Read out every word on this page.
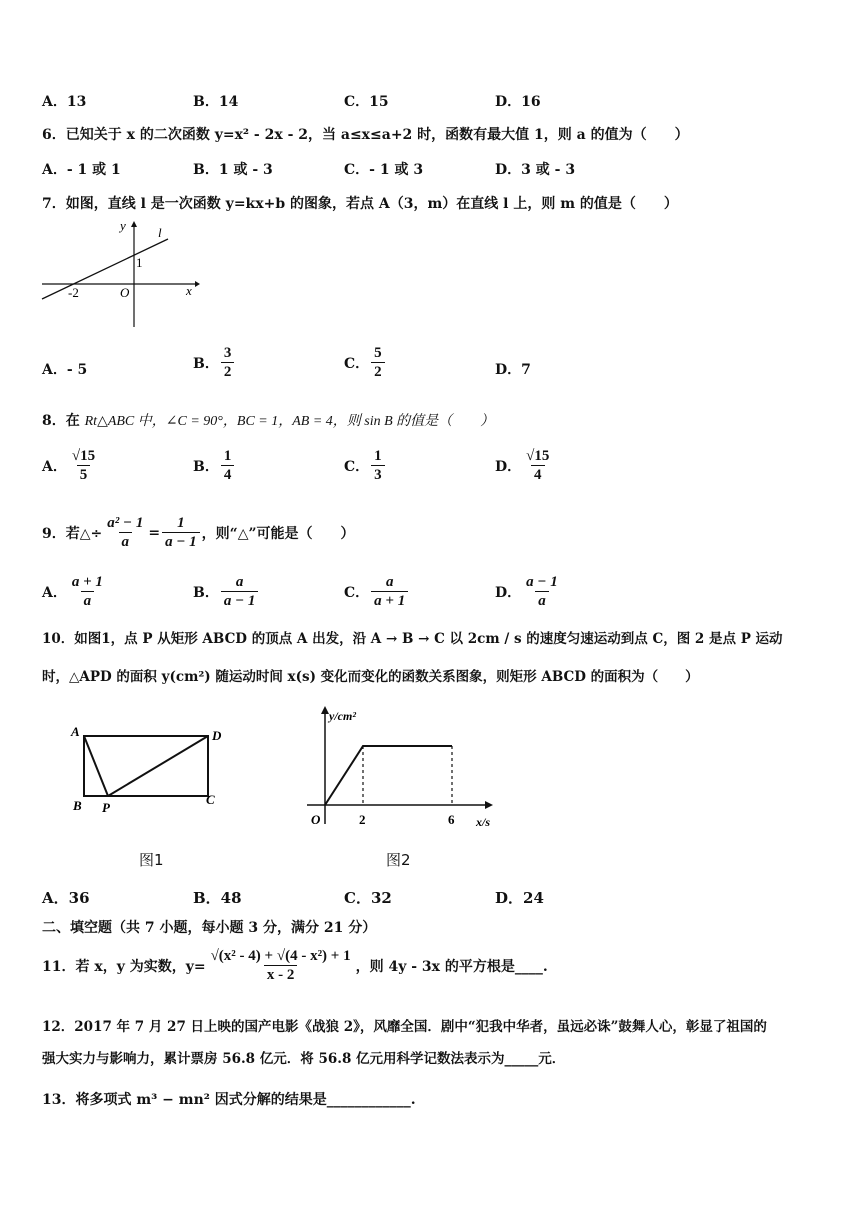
A．13	B．14	C．15	D．16
6．已知关于 x 的二次函数 y=x² - 2x - 2，当 a≤x≤a+2 时，函数有最大值 1，则 a 的值为（　　）
A．- 1 或 1	B．1 或 - 3	C．- 1 或 3	D．3 或 - 3
7．如图，直线 l 是一次函数 y=kx+b 的图象，若点 A（3，m）在直线 l 上，则 m 的值是（　　）
y l
1
-2	O	x
A．- 5	B． $\frac{3}{2}$	C． $\frac{5}{2}$	D．7
8．在 Rt△ABC 中，∠C = 90°，BC = 1，AB = 4，则 sin B 的值是（　　）
A． $\frac{√15}{5}$	B． $\frac{1}{4}$	C． $\frac{1}{3}$	D． $\frac{√15}{4}$
9．若△÷ $\frac{\text{a² − 1}}{a} = \frac{1}{a - 1}$ ，则“△”可能是（　　）
A． $\frac{a + 1}{a}$	B． $\frac{a}{a - 1}$	C． $\frac{a}{a + 1}$	D． $\frac{a - 1}{a}$
10．如图1，点 P 从矩形 ABCD 的顶点 A 出发，沿 A → B → C 以 2cm / s 的速度匀速运动到点 C，图 2 是点 P 运动
时，△APD 的面积 y(cm²) 随运动时间 x(s) 变化而变化的函数关系图象，则矩形 ABCD 的面积为（　　）
A	D
B P
C
图1
y/cm²
O	2	6 x/s
图2
A．36	B．48	C．32	D．24
二、填空题（共 7 小题，每小题 3 分，满分 21 分）
11．若 x，y 为实数，$y= \frac{\text{√(x² - 4) + √(4 - x²) + 1}}{x - 2}$ ，则 4y - 3x 的平方根是____.
12．2017 年 7 月 27 日上映的国产电影《战狼 2》，风靡全国．剧中“犯我中华者，虽远必诛”鼓舞人心，彰显了祖国的
强大实力与影响力，累计票房 56.8 亿元．将 56.8 亿元用科学记数法表示为_____元．
13．将多项式 m³ − mn² 因式分解的结果是____________.
